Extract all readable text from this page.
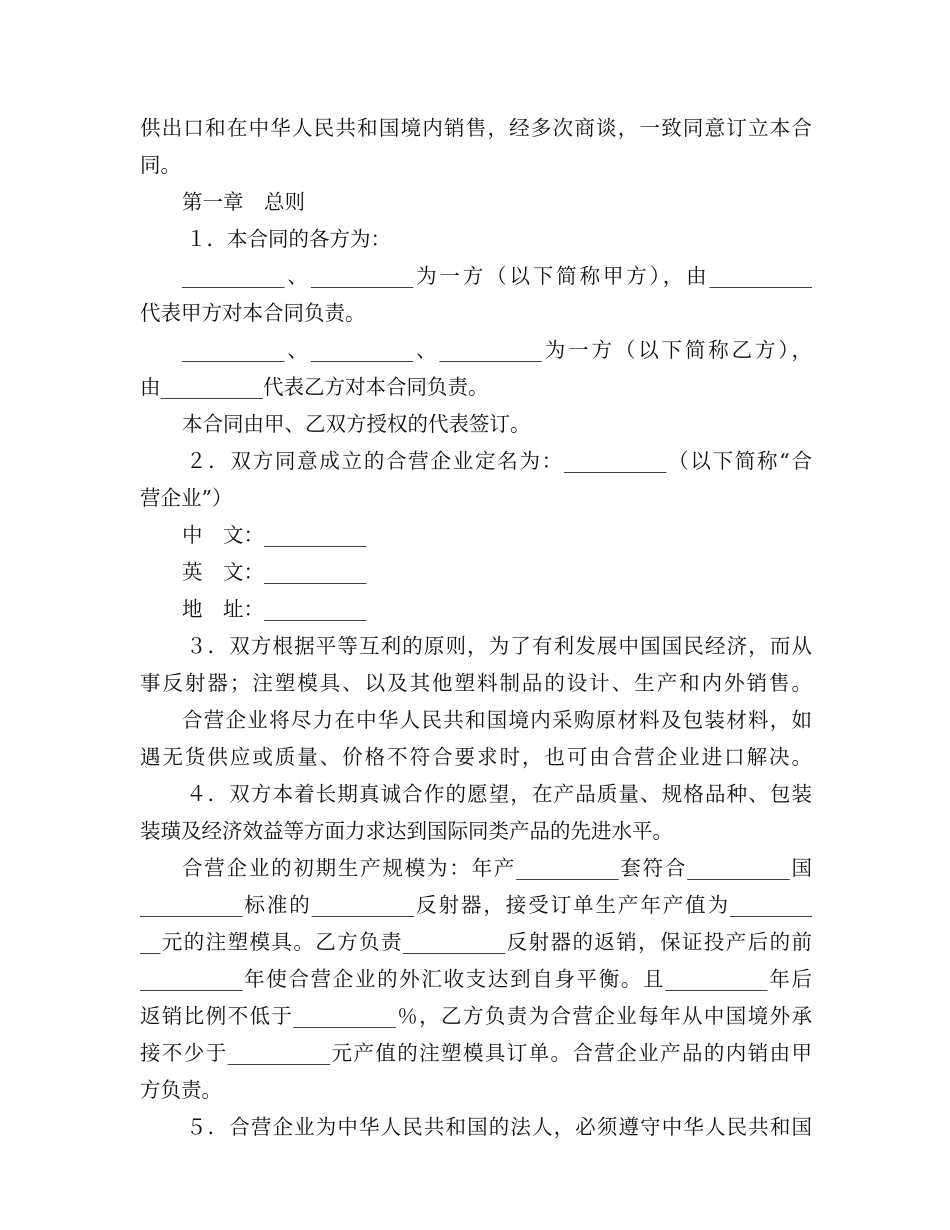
供出口和在中华人民共和国境内销售，经多次商谈，一致同意订立本合
同。
第一章　总则
１．本合同的各方为：
__________、__________为一方（以下简称甲方），由__________
代表甲方对本合同负责。
__________、__________、__________为一方（以下简称乙方），
由__________代表乙方对本合同负责。
本合同由甲、乙双方授权的代表签订。
２．双方同意成立的合营企业定名为：__________（以下简称“合
营企业”）
中　文：__________
英　文：__________
地　址：__________
３．双方根据平等互利的原则，为了有利发展中国国民经济，而从
事反射器；注塑模具、以及其他塑料制品的设计、生产和内外销售。
合营企业将尽力在中华人民共和国境内采购原材料及包装材料，如
遇无货供应或质量、价格不符合要求时，也可由合营企业进口解决。
４．双方本着长期真诚合作的愿望，在产品质量、规格品种、包装
装璜及经济效益等方面力求达到国际同类产品的先进水平。
合营企业的初期生产规模为：年产__________套符合__________国
__________标准的__________反射器，接受订单生产年产值为________
__元的注塑模具。乙方负责__________反射器的返销，保证投产后的前
__________年使合营企业的外汇收支达到自身平衡。且__________年后
返销比例不低于__________％，乙方负责为合营企业每年从中国境外承
接不少于__________元产值的注塑模具订单。合营企业产品的内销由甲
方负责。
５．合营企业为中华人民共和国的法人，必须遵守中华人民共和国
